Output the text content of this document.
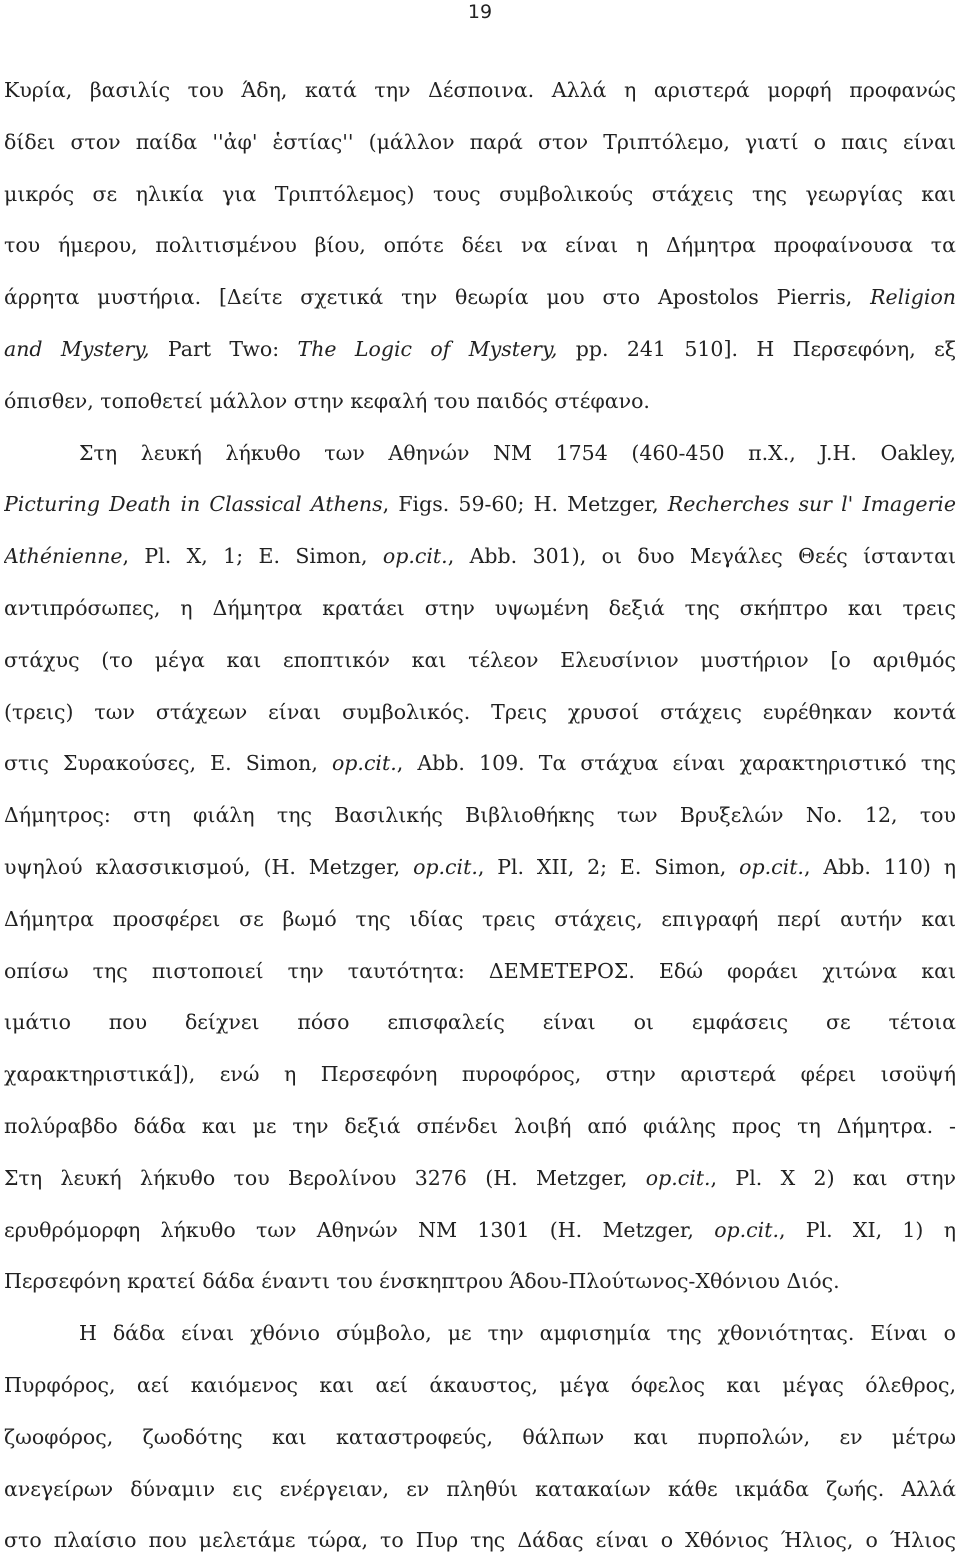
19
Κυρία, βασιλίς του Άδη, κατά την Δέσποινα. Αλλά η αριστερά μορφή προφανώς
δίδει στον παίδα ''ἀφ' ἑστίας'' (μάλλον παρά στον Τριπτόλεμο, γιατί ο παις είναι
μικρός σε ηλικία για Τριπτόλεμος) τους συμβολικούς στάχεις της γεωργίας και
του ήμερου, πολιτισμένου βίου, οπότε δέει να είναι η Δήμητρα προφαίνουσα τα
άρρητα μυστήρια. [Δείτε σχετικά την θεωρία μου στο Apostolos Pierris, Religion
and Mystery, Part Two: The Logic of Mystery, pp. 241 510]. Η Περσεφόνη, εξ
όπισθεν, τοποθετεί μάλλον στην κεφαλή του παιδός στέφανο.
Στη λευκή λήκυθο των Αθηνών ΝΜ 1754 (460-450 π.Χ., J.H. Oakley,
Picturing Death in Classical Athens, Figs. 59-60; H. Metzger, Recherches sur l' Imagerie
Athénienne, Pl. X, 1; E. Simon, op.cit., Abb. 301), οι δυο Μεγάλες Θεές ίστανται
αντιπρόσωπες, η Δήμητρα κρατάει στην υψωμένη δεξιά της σκήπτρο και τρεις
στάχυς (το μέγα και εποπτικόν και τέλεον Ελευσίνιον μυστήριον [ο αριθμός
(τρεις) των στάχεων είναι συμβολικός. Τρεις χρυσοί στάχεις ευρέθηκαν κοντά
στις Συρακούσες, E. Simon, op.cit., Abb. 109. Τα στάχυα είναι χαρακτηριστικό της
Δήμητρος: στη φιάλη της Βασιλικής Βιβλιοθήκης των Βρυξελών Νο. 12, του
υψηλού κλασσικισμού, (H. Metzger, op.cit., Pl. XII, 2; E. Simon, op.cit., Abb. 110) η
Δήμητρα προσφέρει σε βωμό της ιδίας τρεις στάχεις, επιγραφή περί αυτήν και
οπίσω της πιστοποιεί την ταυτότητα: ΔΕΜΕΤΕΡΟΣ. Εδώ φοράει χιτώνα και
ιμάτιο που δείχνει πόσο επισφαλείς είναι οι εμφάσεις σε τέτοια
χαρακτηριστικά]), ενώ η Περσεφόνη πυροφόρος, στην αριστερά φέρει ισοϋψή
πολύραβδο δάδα και με την δεξιά σπένδει λοιβή από φιάλης προς τη Δήμητρα. -
Στη λευκή λήκυθο του Βερολίνου 3276 (H. Metzger, op.cit., Pl. X 2) και στην
ερυθρόμορφη λήκυθο των Αθηνών ΝΜ 1301 (H. Metzger, op.cit., Pl. XI, 1) η
Περσεφόνη κρατεί δάδα έναντι του ένσκηπτρου Άδου-Πλούτωνος-Χθόνιου Διός.
Η δάδα είναι χθόνιο σύμβολο, με την αμφισημία της χθονιότητας. Είναι ο
Πυρφόρος, αεί καιόμενος και αεί άκαυστος, μέγα όφελος και μέγας όλεθρος,
ζωοφόρος, ζωοδότης και καταστροφεύς, θάλπων και πυρπολών, εν μέτρω
ανεγείρων δύναμιν εις ενέργειαν, εν πληθύι κατακαίων κάθε ικμάδα ζωής. Αλλά
στο πλαίσιο που μελετάμε τώρα, το Πυρ της Δάδας είναι ο Χθόνιος Ήλιος, ο Ήλιος
